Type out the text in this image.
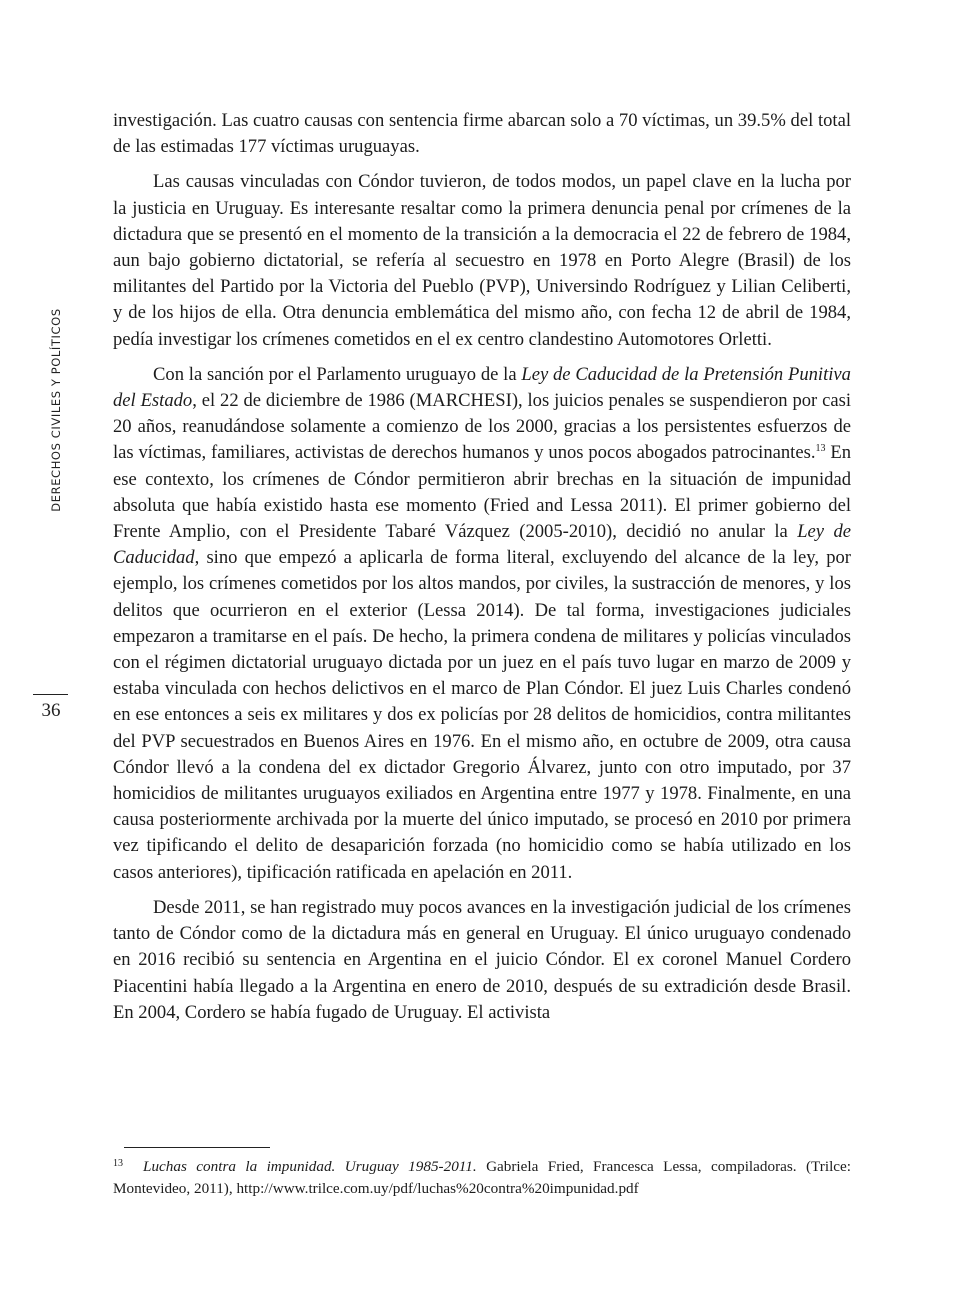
DERECHOS CIVILES Y POLÍTICOS
36

investigación. Las cuatro causas con sentencia firme abarcan solo a 70 víctimas, un 39.5% del total de las estimadas 177 víctimas uruguayas.

Las causas vinculadas con Cóndor tuvieron, de todos modos, un papel clave en la lucha por la justicia en Uruguay. Es interesante resaltar como la primera denuncia penal por crímenes de la dictadura que se presentó en el momento de la transición a la democracia el 22 de febrero de 1984, aun bajo gobierno dictatorial, se refería al secuestro en 1978 en Porto Alegre (Brasil) de los militantes del Partido por la Victoria del Pueblo (PVP), Universindo Rodríguez y Lilian Celiberti, y de los hijos de ella. Otra denuncia emblemática del mismo año, con fecha 12 de abril de 1984, pedía investigar los crímenes cometidos en el ex centro clandestino Automotores Orletti.

Con la sanción por el Parlamento uruguayo de la Ley de Caducidad de la Pretensión Punitiva del Estado, el 22 de diciembre de 1986 (MARCHESI), los juicios penales se suspendieron por casi 20 años, reanudándose solamente a comienzo de los 2000, gracias a los persistentes esfuerzos de las víctimas, familiares, activistas de derechos humanos y unos pocos abogados patrocinantes.$^{13}$ En ese contexto, los crímenes de Cóndor permitieron abrir brechas en la situación de impunidad absoluta que había existido hasta ese momento (Fried and Lessa 2011). El primer gobierno del Frente Amplio, con el Presidente Tabaré Vázquez (2005-2010), decidió no anular la Ley de Caducidad, sino que empezó a aplicarla de forma literal, excluyendo del alcance de la ley, por ejemplo, los crímenes cometidos por los altos mandos, por civiles, la sustracción de menores, y los delitos que ocurrieron en el exterior (Lessa 2014). De tal forma, investigaciones judiciales empezaron a tramitarse en el país. De hecho, la primera condena de militares y policías vinculados con el régimen dictatorial uruguayo dictada por un juez en el país tuvo lugar en marzo de 2009 y estaba vinculada con hechos delictivos en el marco de Plan Cóndor. El juez Luis Charles condenó en ese entonces a seis ex militares y dos ex policías por 28 delitos de homicidios, contra militantes del PVP secuestrados en Buenos Aires en 1976. En el mismo año, en octubre de 2009, otra causa Cóndor llevó a la condena del ex dictador Gregorio Álvarez, junto con otro imputado, por 37 homicidios de militantes uruguayos exiliados en Argentina entre 1977 y 1978. Finalmente, en una causa posteriormente archivada por la muerte del único imputado, se procesó en 2010 por primera vez tipificando el delito de desaparición forzada (no homicidio como se había utilizado en los casos anteriores), tipificación ratificada en apelación en 2011.

Desde 2011, se han registrado muy pocos avances en la investigación judicial de los crímenes tanto de Cóndor como de la dictadura más en general en Uruguay. El único uruguayo condenado en 2016 recibió su sentencia en Argentina en el juicio Cóndor. El ex coronel Manuel Cordero Piacentini había llegado a la Argentina en enero de 2010, después de su extradición desde Brasil. En 2004, Cordero se había fugado de Uruguay. El activista

$^{13}$ Luchas contra la impunidad. Uruguay 1985-2011. Gabriela Fried, Francesca Lessa, compiladoras. (Trilce: Montevideo, 2011), http://www.trilce.com.uy/pdf/luchas%20contra%20impunidad.pdf
